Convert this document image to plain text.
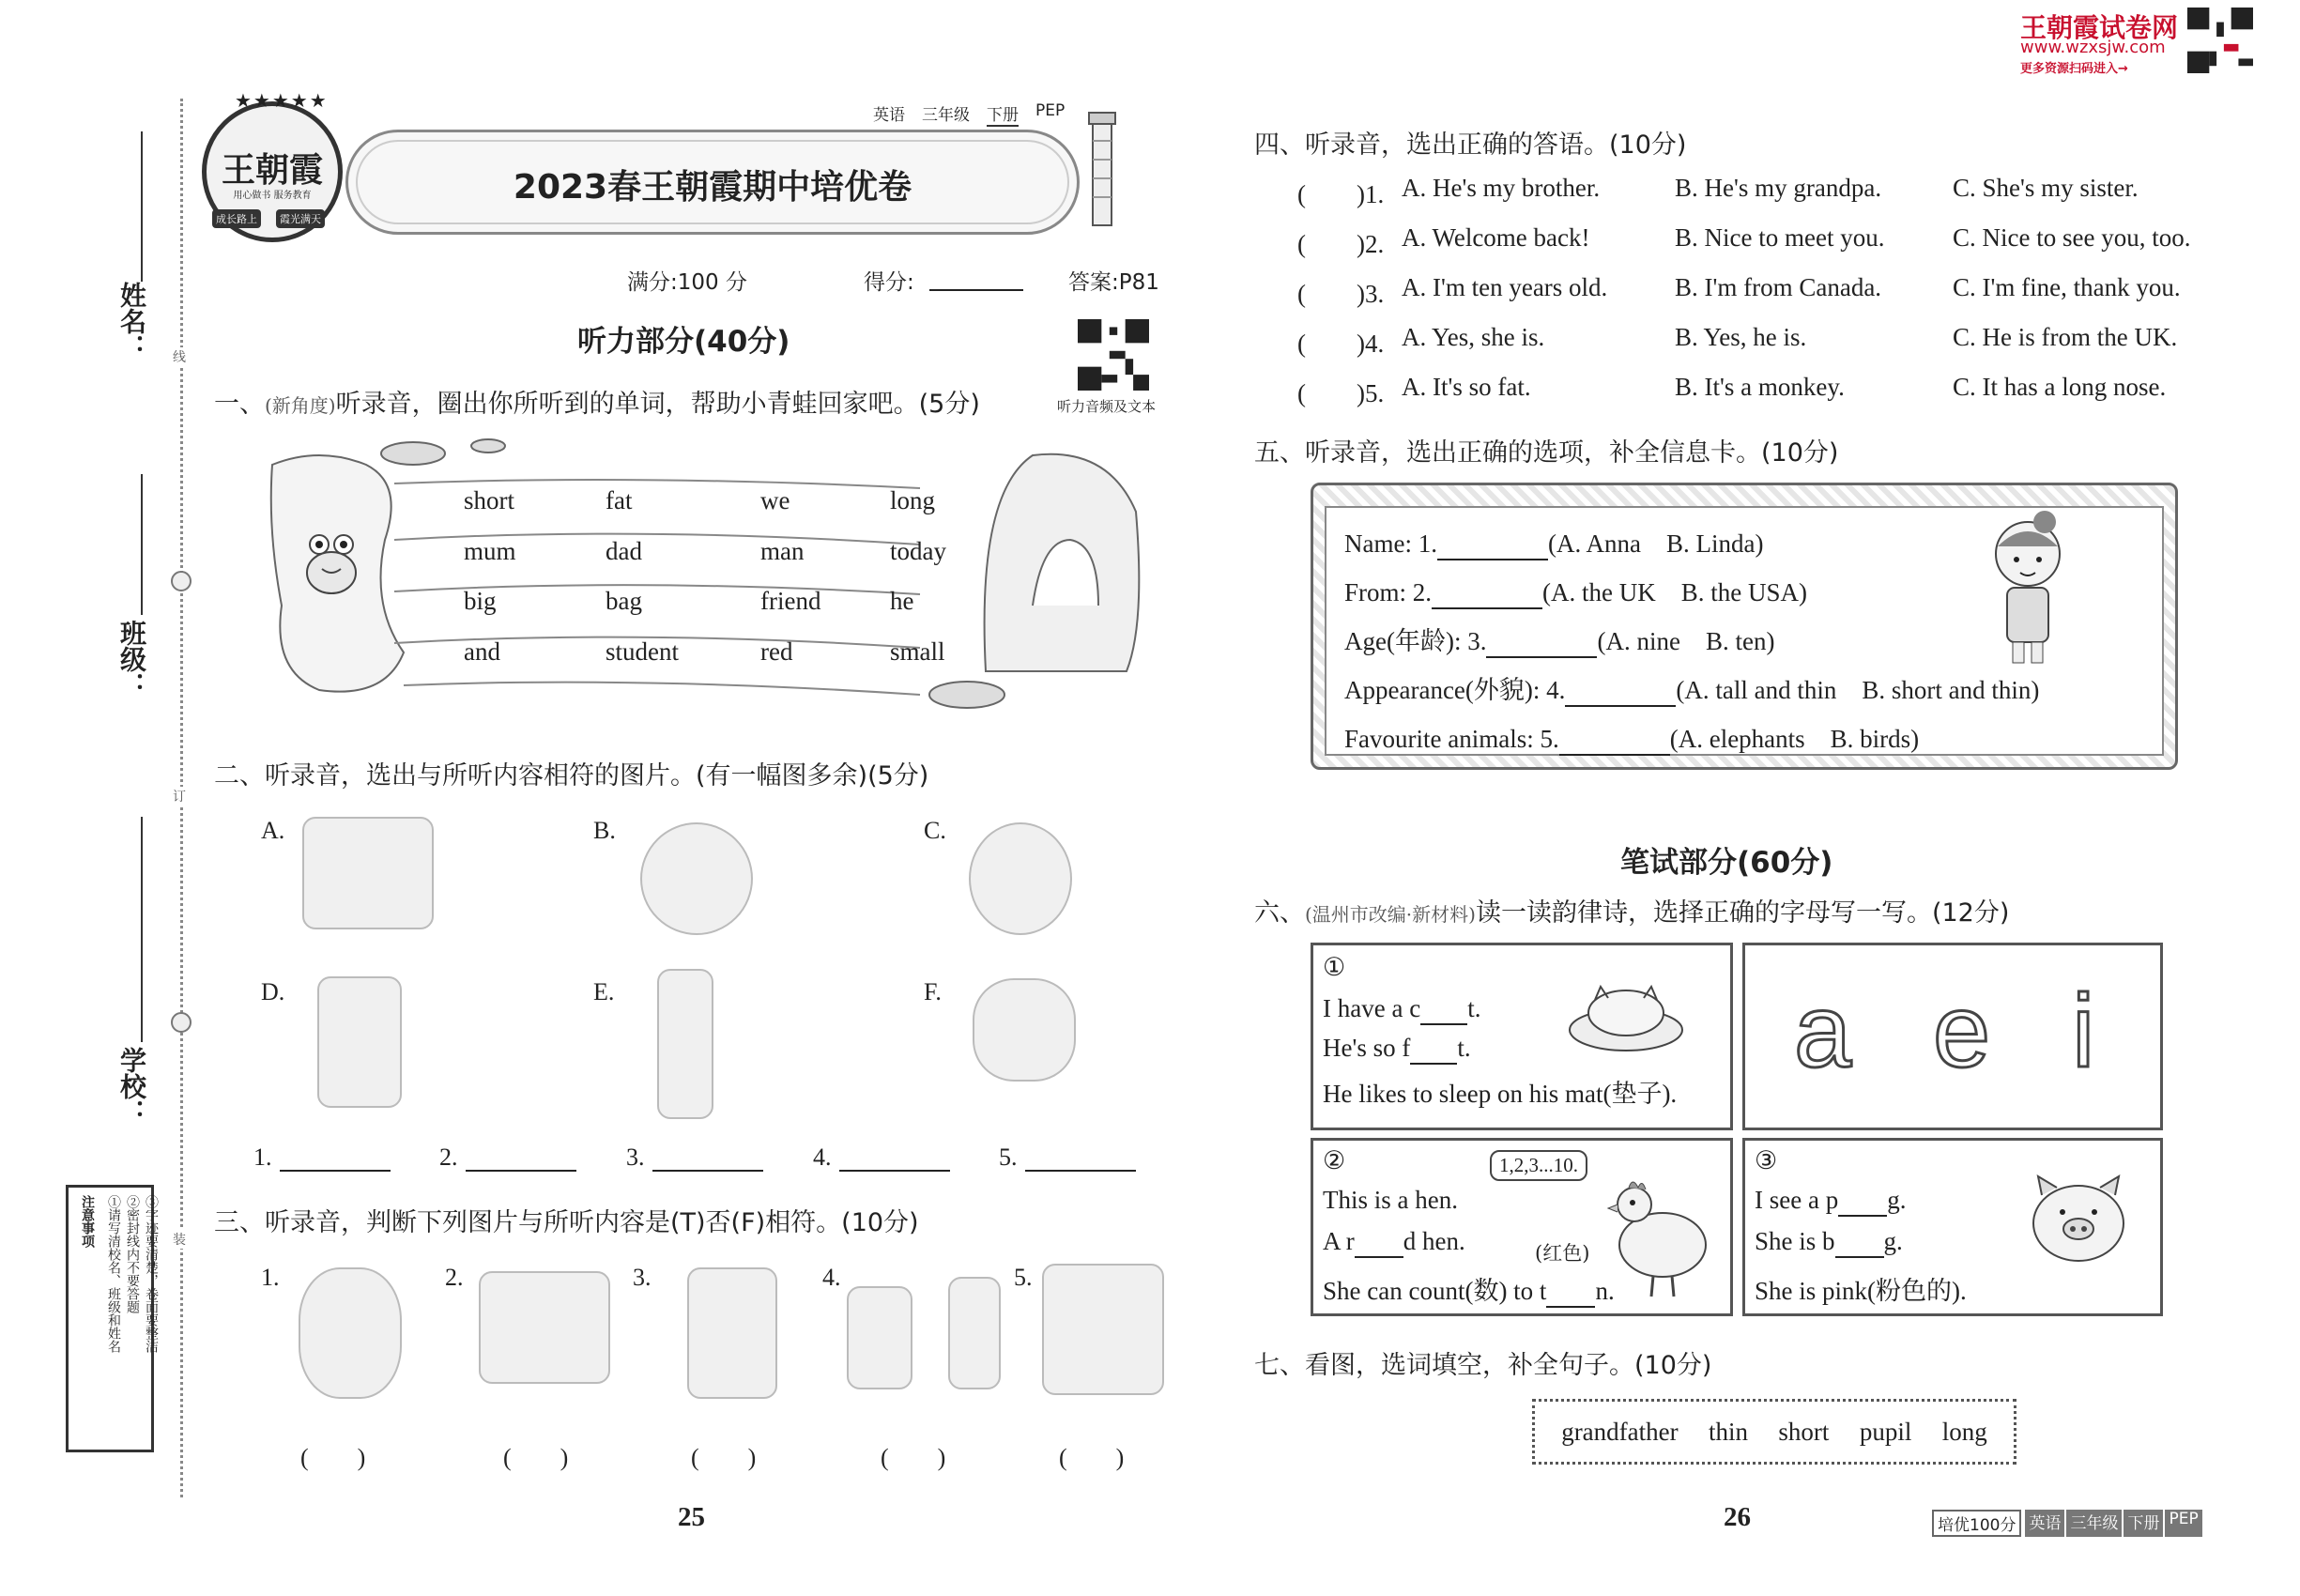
姓名：
班级：
学校：
线
订
装
注意事项 ①请写清校名、班级和姓名 ②密封线内不要答题 ③字迹要清楚，卷面要整洁
王朝霞
用心做书 服务教育
成长路上	霞光满天
★★★★★
英语 三年级 下册 PEP
2023春王朝霞期中培优卷
满分:100 分	得分:	答案:P81
听力部分(40分)
听力音频及文本
一、(新角度)听录音，圈出你所听到的单词，帮助小青蛙回家吧。(5分)
short	fat	we	long
mum	dad	man	today
big	bag	friend	he
and	student	red	small
二、听录音，选出与所听内容相符的图片。(有一幅图多余)(5分)
A.	B.	C.
D.	E.	F.
1.	2.	3.	4.	5.
三、听录音，判断下列图片与所听内容是(T)否(F)相符。(10分)
1.	2.	3.	4.	5.
(　　)	(　　)	(　　)	(　　)	(　　)
25
王朝霞试卷网
www.wzxsjw.com
更多资源扫码进入→
四、听录音，选出正确的答语。(10分)
(　　)1. A. He's my brother.	B. He's my grandpa.	C. She's my sister.
(　　)2. A. Welcome back!	B. Nice to meet you.	C. Nice to see you, too.
(　　)3. A. I'm ten years old.	B. I'm from Canada.	C. I'm fine, thank you.
(　　)4. A. Yes, she is.	B. Yes, he is.	C. He is from the UK.
(　　)5. A. It's so fat.	B. It's a monkey.	C. It has a long nose.
五、听录音，选出正确的选项，补全信息卡。(10分)
Name: 1.	(A. Anna　B. Linda)
From: 2.	(A. the UK　B. the USA)
Age(年龄): 3.	(A. nine　B. ten)
Appearance(外貌): 4.	(A. tall and thin　B. short and thin)
Favourite animals: 5.	(A. elephants　B. birds)
笔试部分(60分)
六、(温州市改编·新材料)读一读韵律诗，选择正确的字母写一写。(12分)
①
I have a c t.
He's so f t.
He likes to sleep on his mat(垫子).
a e i
②
This is a hen.
A r d hen.	(红色)
She can count(数) to t n.
1,2,3...10.	③
I see a p g.
She is b g.
She is pink(粉色的).
七、看图，选词填空，补全句子。(10分)
grandfather thin short pupil long
26	培优100分 英语 三年级 下册 PEP
